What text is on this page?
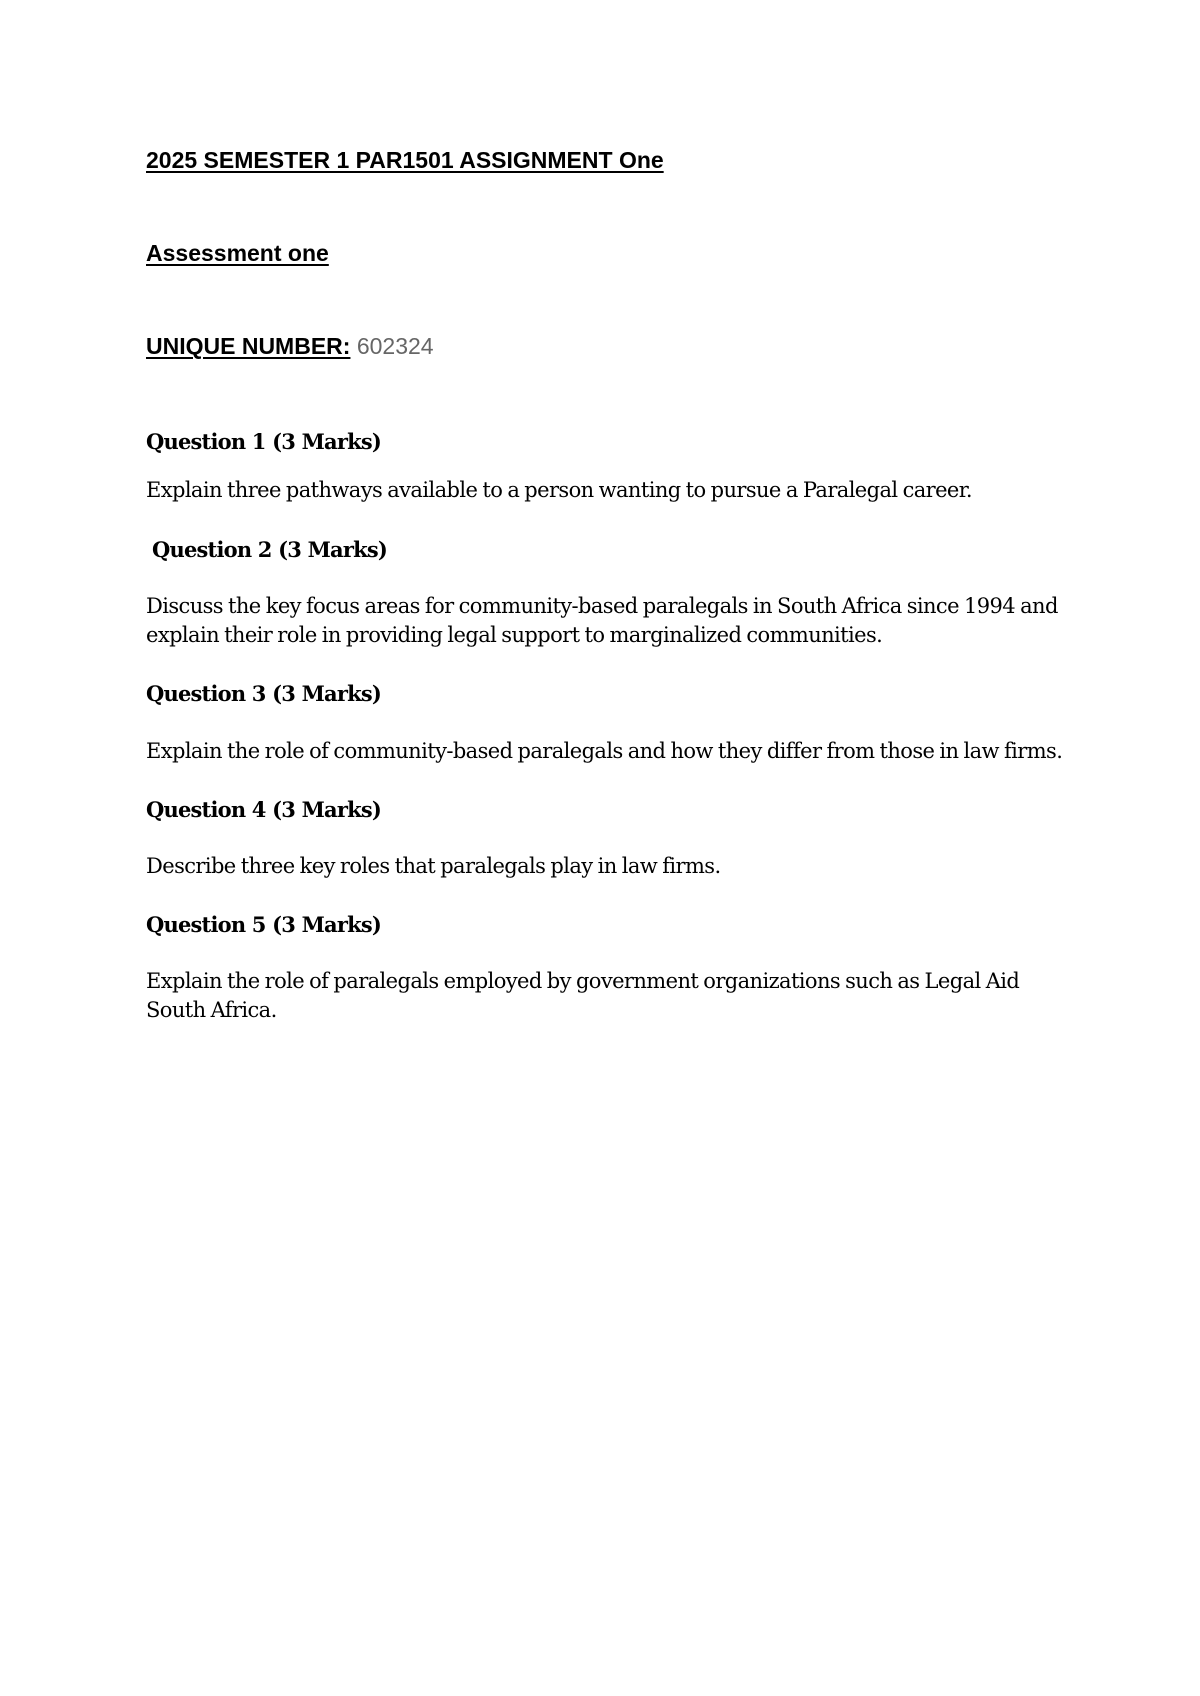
2025 SEMESTER 1 PAR1501 ASSIGNMENT One
Assessment one
UNIQUE NUMBER: 602324
Question 1 (3 Marks)
Explain three pathways available to a person wanting to pursue a Paralegal career.
Question 2 (3 Marks)
Discuss the key focus areas for community-based paralegals in South Africa since 1994 and explain their role in providing legal support to marginalized communities.
Question 3 (3 Marks)
Explain the role of community-based paralegals and how they differ from those in law firms.
Question 4 (3 Marks)
Describe three key roles that paralegals play in law firms.
Question 5 (3 Marks)
Explain the role of paralegals employed by government organizations such as Legal Aid South Africa.
